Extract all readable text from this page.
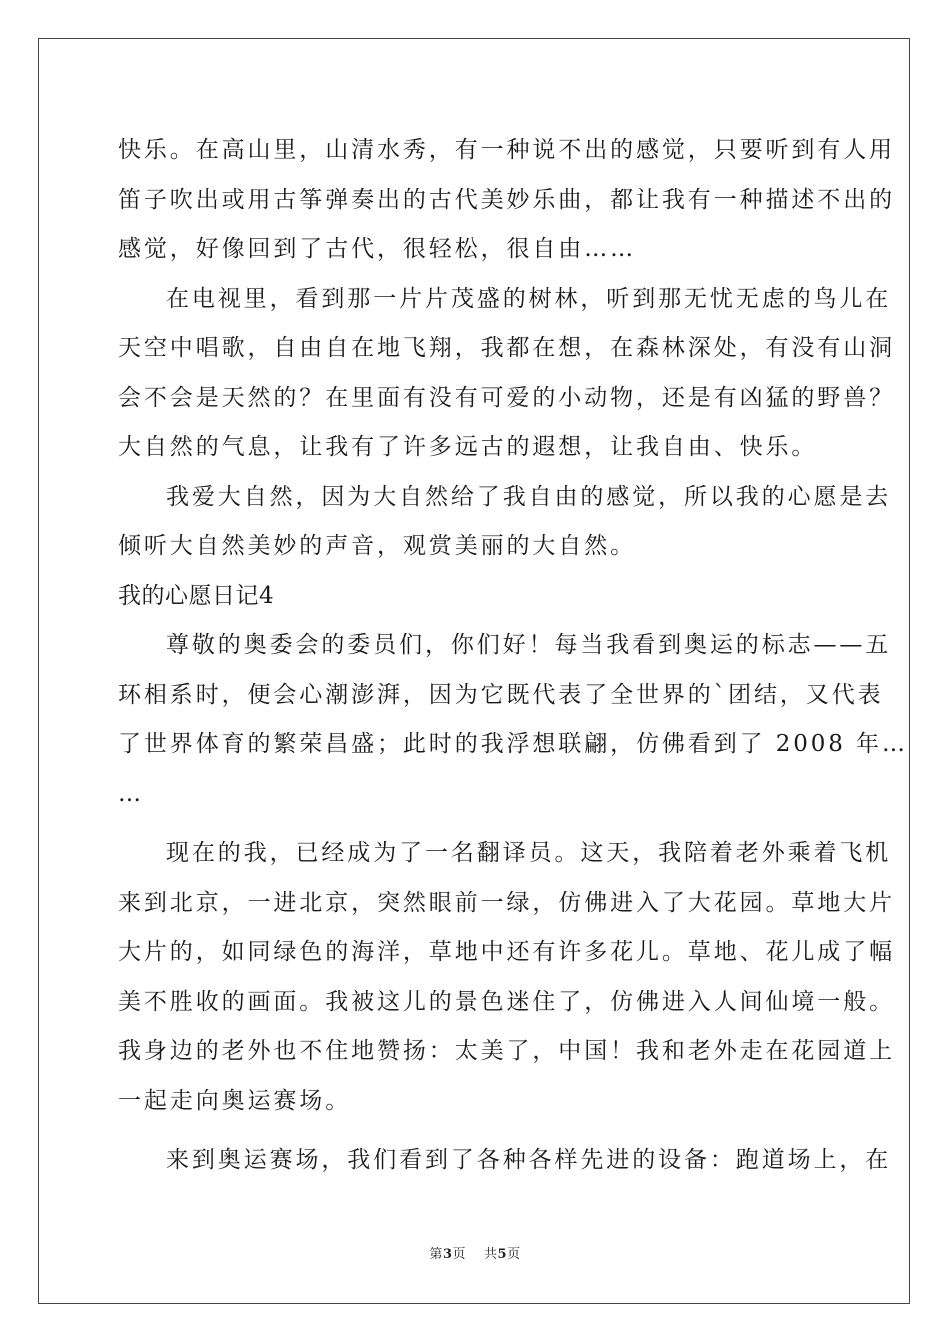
快乐。在高山里，山清水秀，有一种说不出的感觉，只要听到有人用
笛子吹出或用古筝弹奏出的古代美妙乐曲，都让我有一种描述不出的
感觉，好像回到了古代，很轻松，很自由……
在电视里，看到那一片片茂盛的树林，听到那无忧无虑的鸟儿在
天空中唱歌，自由自在地飞翔，我都在想，在森林深处，有没有山洞
会不会是天然的？在里面有没有可爱的小动物，还是有凶猛的野兽？
大自然的气息，让我有了许多远古的遐想，让我自由、快乐。
我爱大自然，因为大自然给了我自由的感觉，所以我的心愿是去
倾听大自然美妙的声音，观赏美丽的大自然。
我的心愿日记4
尊敬的奥委会的委员们，你们好！每当我看到奥运的标志——五
环相系时，便会心潮澎湃，因为它既代表了全世界的`团结，又代表
了世界体育的繁荣昌盛；此时的我浮想联翩，仿佛看到了 2008 年…
…
现在的我，已经成为了一名翻译员。这天，我陪着老外乘着飞机
来到北京，一进北京，突然眼前一绿，仿佛进入了大花园。草地大片
大片的，如同绿色的海洋，草地中还有许多花儿。草地、花儿成了幅
美不胜收的画面。我被这儿的景色迷住了，仿佛进入人间仙境一般。
我身边的老外也不住地赞扬：太美了，中国！我和老外走在花园道上
一起走向奥运赛场。
来到奥运赛场，我们看到了各种各样先进的设备：跑道场上，在
第3页 共5页
